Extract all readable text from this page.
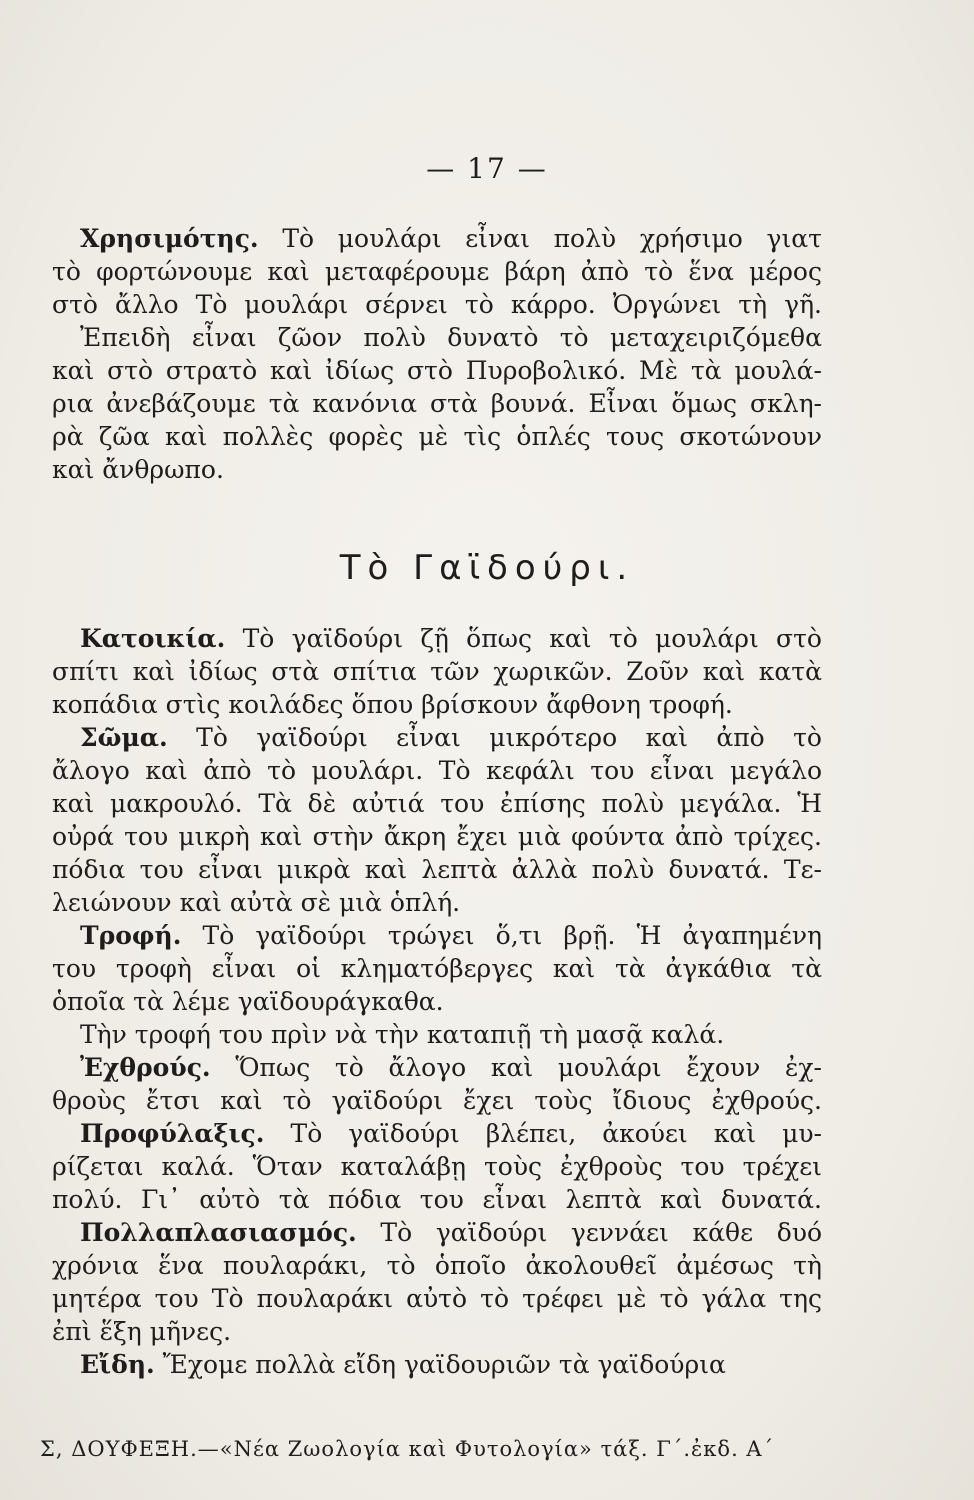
— 17 —
Χρησιμότης. Τὸ μουλάρι εἶναι πολὺ χρήσιμο γιατ
τὸ φορτώνουμε καὶ μεταφέρουμε βάρη ἀπὸ τὸ ἕνα μέρος
στὸ ἄλλο Τὸ μουλάρι σέρνει τὸ κάρρο. Ὀργώνει τὴ γῆ.
Ἐπειδὴ εἶναι ζῶον πολὺ δυνατὸ τὸ μεταχειριζόμεθα
καὶ στὸ στρατὸ καὶ ἰδίως στὸ Πυροβολικό. Μὲ τὰ μουλά-
ρια ἀνεβάζουμε τὰ κανόνια στὰ βουνά. Εἶναι ὅμως σκλη-
ρὰ ζῶα καὶ πολλὲς φορὲς μὲ τὶς ὁπλές τους σκοτώνουν
καὶ ἄνθρωπο.
Τὸ Γαϊδούρι.
Κατοικία. Τὸ γαϊδούρι ζῇ ὅπως καὶ τὸ μουλάρι στὸ
σπίτι καὶ ἰδίως στὰ σπίτια τῶν χωρικῶν. Ζοῦν καὶ κατὰ
κοπάδια στὶς κοιλάδες ὅπου βρίσκουν ἄφθονη τροφή.
Σῶμα. Τὸ γαϊδούρι εἶναι μικρότερο καὶ ἀπὸ τὸ
ἄλογο καὶ ἀπὸ τὸ μουλάρι. Τὸ κεφάλι του εἶναι μεγάλο
καὶ μακρουλό. Τὰ δὲ αὐτιά του ἐπίσης πολὺ μεγάλα. Ἡ
οὐρά του μικρὴ καὶ στὴν ἄκρη ἔχει μιὰ φούντα ἀπὸ τρίχες.
πόδια του εἶναι μικρὰ καὶ λεπτὰ ἀλλὰ πολὺ δυνατά. Τε-
λειώνουν καὶ αὐτὰ σὲ μιὰ ὁπλή.
Τροφή. Τὸ γαϊδούρι τρώγει ὅ,τι βρῇ. Ἡ ἀγαπημένη
του τροφὴ εἶναι οἱ κληματόβεργες καὶ τὰ ἀγκάθια τὰ
ὁποῖα τὰ λέμε γαϊδουράγκαθα.
Τὴν τροφή του πρὶν νὰ τὴν καταπιῇ τὴ μασᾷ καλά.
Ἐχθρούς. Ὅπως τὸ ἄλογο καὶ μουλάρι ἔχουν ἐχ-
θροὺς ἔτσι καὶ τὸ γαϊδούρι ἔχει τοὺς ἴδιους ἐχθρούς.
Προφύλαξις. Τὸ γαϊδούρι βλέπει, ἀκούει καὶ μυ-
ρίζεται καλά. Ὅταν καταλάβῃ τοὺς ἐχθροὺς του τρέχει
πολύ. Γι᾽ αὐτὸ τὰ πόδια του εἶναι λεπτὰ καὶ δυνατά.
Πολλαπλασιασμός. Τὸ γαϊδούρι γεννάει κάθε δυό
χρόνια ἕνα πουλαράκι, τὸ ὁποῖο ἀκολουθεῖ ἀμέσως τὴ
μητέρα του Τὸ πουλαράκι αὐτὸ τὸ τρέφει μὲ τὸ γάλα της
ἐπὶ ἕξη μῆνες.
Εἴδη. Ἔχομε πολλὰ εἴδη γαϊδουριῶν τὰ γαϊδούρια
Σ, ΔΟΥΦΕΞΗ.—«Νέα Ζωολογία καὶ Φυτολογία» τάξ. Γ΄.ἐκδ. Α΄
